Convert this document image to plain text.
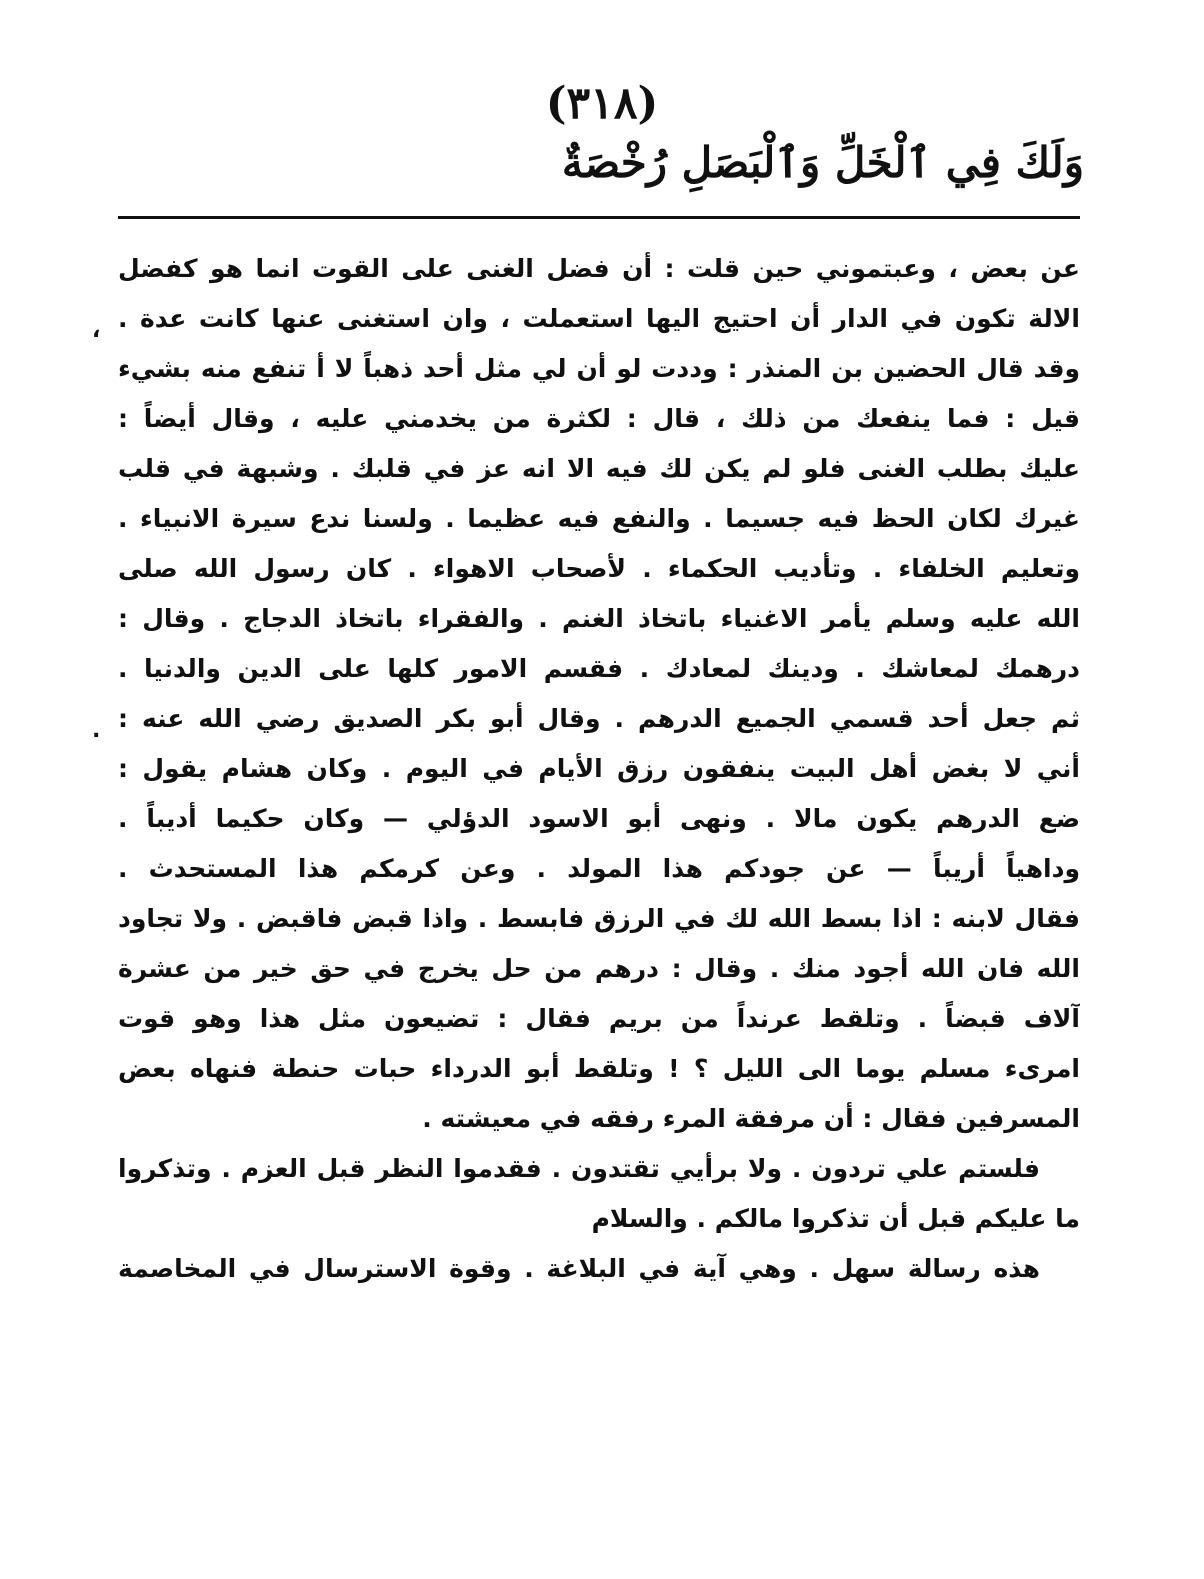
(٣١٨)
وَلَكَ فِي ٱلْخَلِّ وَٱلْبَصَلِ رُخْصَةٌ
،
.
عن بعض ، وعبتموني حين قلت : أن فضل الغنى على القوت انما هو كفضل
الالة تكون في الدار أن احتيج اليها استعملت ، وان استغنى عنها كانت عدة .
وقد قال الحضين بن المنذر : وددت لو أن لي مثل أحد ذهباً لا أ تنفع منه بشيء
قيل : فما ينفعك من ذلك ، قال : لكثرة من يخدمني عليه ، وقال أيضاً :
عليك بطلب الغنى فلو لم يكن لك فيه الا انه عز في قلبك . وشبهة في قلب
غيرك لكان الحظ فيه جسيما . والنفع فيه عظيما . ولسنا ندع سيرة الانبياء .
وتعليم الخلفاء . وتأديب الحكماء . لأصحاب الاهواء . كان رسول الله صلى
الله عليه وسلم يأمر الاغنياء باتخاذ الغنم . والفقراء باتخاذ الدجاج . وقال :
درهمك لمعاشك . ودينك لمعادك . فقسم الامور كلها على الدين والدنيا .
ثم جعل أحد قسمي الجميع الدرهم . وقال أبو بكر الصديق رضي الله عنه :
أني لا بغض أهل البيت ينفقون رزق الأيام في اليوم . وكان هشام يقول :
ضع الدرهم يكون مالا . ونهى أبو الاسود الدؤلي — وكان حكيما أديباً .
وداهياً أريباً — عن جودكم هذا المولد . وعن كرمكم هذا المستحدث .
فقال لابنه : اذا بسط الله لك في الرزق فابسط . واذا قبض فاقبض . ولا تجاود
الله فان الله أجود منك . وقال : درهم من حل يخرج في حق خير من عشرة
آلاف قبضاً . وتلقط عرنداً من بريم فقال : تضيعون مثل هذا وهو قوت
امرىء مسلم يوما الى الليل ؟ ! وتلقط أبو الدرداء حبات حنطة فنهاه بعض
المسرفين فقال : أن مرفقة المرء رفقه في معيشته .
فلستم علي تردون . ولا برأيي تقتدون . فقدموا النظر قبل العزم . وتذكروا
ما عليكم قبل أن تذكروا مالكم . والسلام
هذه رسالة سهل . وهي آية في البلاغة . وقوة الاسترسال في المخاصمة
